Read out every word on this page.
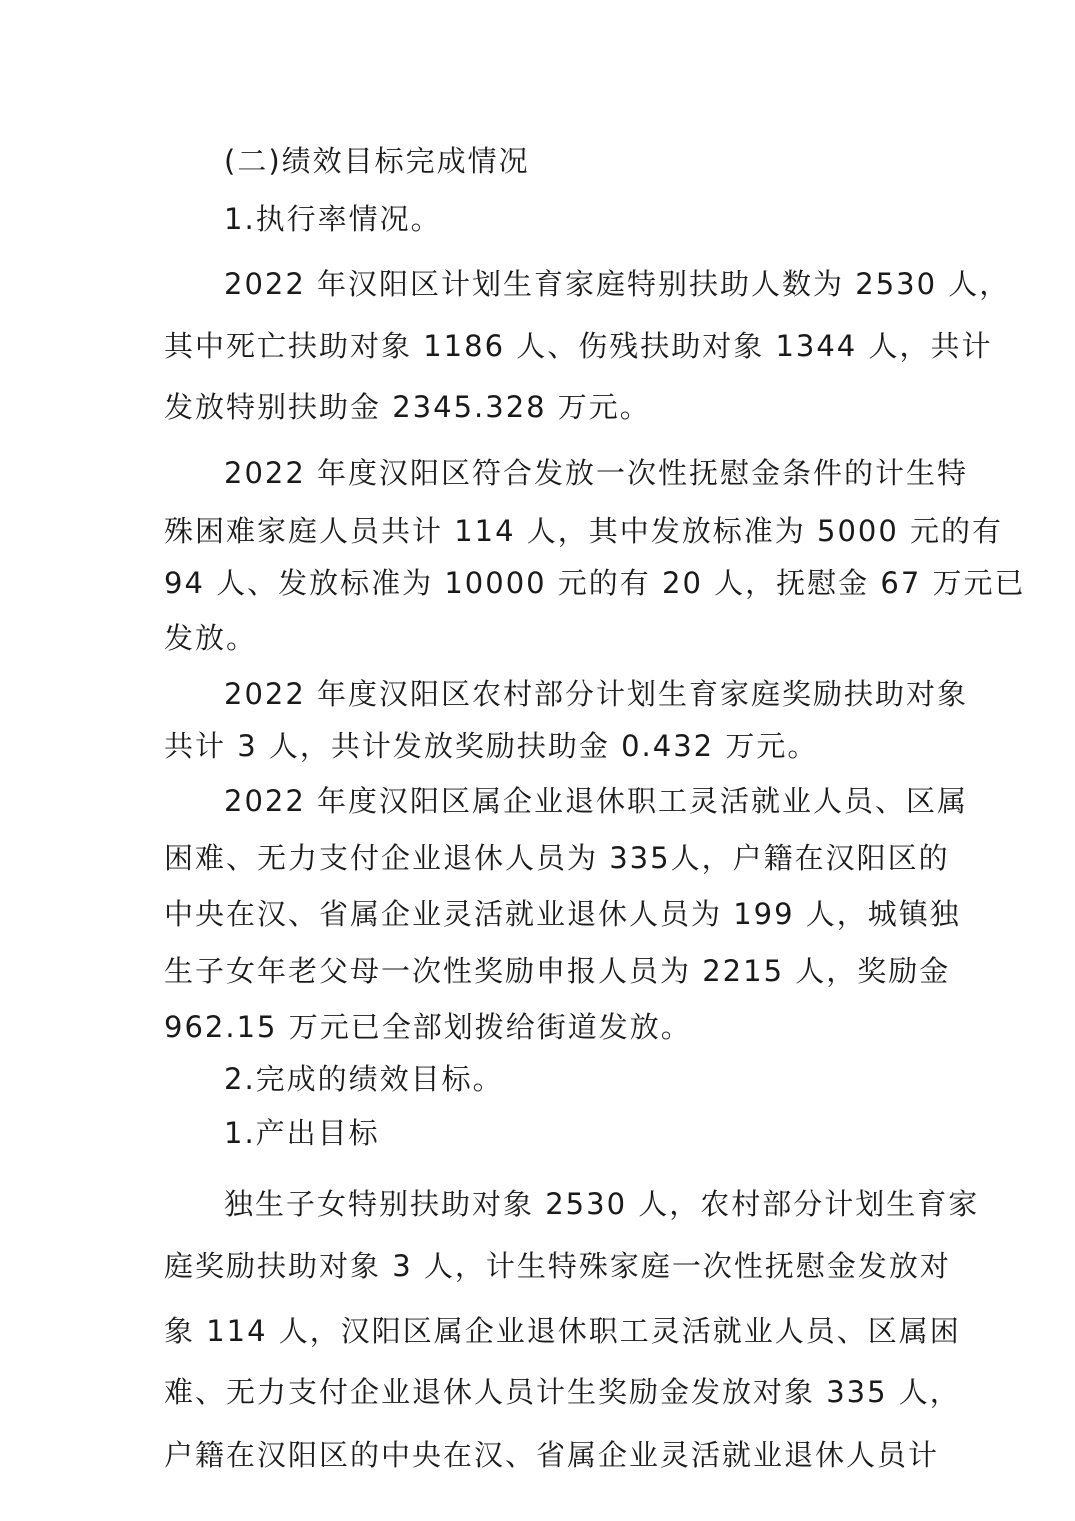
(二)绩效目标完成情况
1.执行率情况。
2022 年汉阳区计划生育家庭特别扶助人数为 2530 人，
其中死亡扶助对象 1186 人、伤残扶助对象 1344 人，共计
发放特别扶助金 2345.328 万元。
2022 年度汉阳区符合发放一次性抚慰金条件的计生特
殊困难家庭人员共计 114 人，其中发放标准为 5000 元的有
94 人、发放标准为 10000 元的有 20 人，抚慰金 67 万元已
发放。
2022 年度汉阳区农村部分计划生育家庭奖励扶助对象
共计 3 人，共计发放奖励扶助金 0.432 万元。
2022 年度汉阳区属企业退休职工灵活就业人员、区属
困难、无力支付企业退休人员为 335人，户籍在汉阳区的
中央在汉、省属企业灵活就业退休人员为 199 人，城镇独
生子女年老父母一次性奖励申报人员为 2215 人，奖励金
962.15 万元已全部划拨给街道发放。
2.完成的绩效目标。
1.产出目标
独生子女特别扶助对象 2530 人，农村部分计划生育家
庭奖励扶助对象 3 人，计生特殊家庭一次性抚慰金发放对
象 114 人，汉阳区属企业退休职工灵活就业人员、区属困
难、无力支付企业退休人员计生奖励金发放对象 335 人，
户籍在汉阳区的中央在汉、省属企业灵活就业退休人员计
